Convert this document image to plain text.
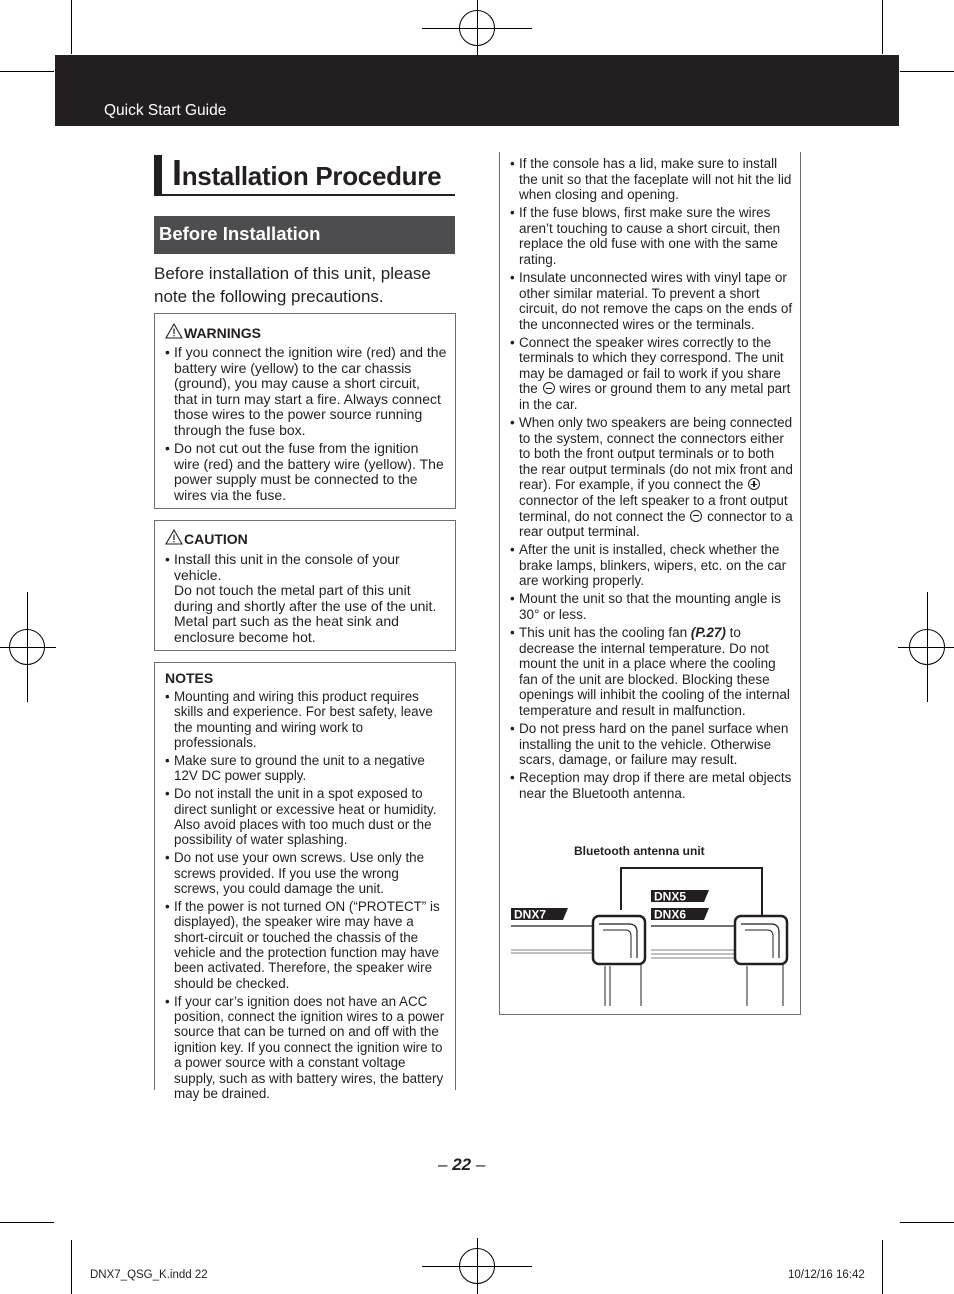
Quick Start Guide
Installation Procedure
Before Installation
Before installation of this unit, please note the following precautions.
WARNINGS
• If you connect the ignition wire (red) and the battery wire (yellow) to the car chassis (ground), you may cause a short circuit, that in turn may start a fire. Always connect those wires to the power source running through the fuse box.
• Do not cut out the fuse from the ignition wire (red) and the battery wire (yellow). The power supply must be connected to the wires via the fuse.
CAUTION
• Install this unit in the console of your vehicle.
Do not touch the metal part of this unit during and shortly after the use of the unit. Metal part such as the heat sink and enclosure become hot.
NOTES
• Mounting and wiring this product requires skills and experience. For best safety, leave the mounting and wiring work to professionals.
• Make sure to ground the unit to a negative 12V DC power supply.
• Do not install the unit in a spot exposed to direct sunlight or excessive heat or humidity. Also avoid places with too much dust or the possibility of water splashing.
• Do not use your own screws. Use only the screws provided. If you use the wrong screws, you could damage the unit.
• If the power is not turned ON (“PROTECT” is displayed), the speaker wire may have a short-circuit or touched the chassis of the vehicle and the protection function may have been activated. Therefore, the speaker wire should be checked.
• If your car’s ignition does not have an ACC position, connect the ignition wires to a power source that can be turned on and off with the ignition key. If you connect the ignition wire to a power source with a constant voltage supply, such as with battery wires, the battery may be drained.
• If the console has a lid, make sure to install the unit so that the faceplate will not hit the lid when closing and opening.
• If the fuse blows, first make sure the wires aren’t touching to cause a short circuit, then replace the old fuse with one with the same rating.
• Insulate unconnected wires with vinyl tape or other similar material. To prevent a short circuit, do not remove the caps on the ends of the unconnected wires or the terminals.
• Connect the speaker wires correctly to the terminals to which they correspond. The unit may be damaged or fail to work if you share the wires or ground them to any metal part in the car.
• When only two speakers are being connected to the system, connect the connectors either to both the front output terminals or to both the rear output terminals (do not mix front and rear). For example, if you connect the  connector of the left speaker to a front output terminal, do not connect the connector to a rear output terminal.
• After the unit is installed, check whether the brake lamps, blinkers, wipers, etc. on the car are working properly.
• Mount the unit so that the mounting angle is 30° or less.
• This unit has the cooling fan (P.27) to decrease the internal temperature. Do not mount the unit in a place where the cooling fan of the unit are blocked. Blocking these openings will inhibit the cooling of the internal temperature and result in malfunction.
• Do not press hard on the panel surface when installing the unit to the vehicle. Otherwise scars, damage, or failure may result.
• Reception may drop if there are metal objects near the Bluetooth antenna.
Bluetooth antenna unit
DNX7
DNX5
DNX6
– 22 –
DNX7_QSG_K.indd 22	10/12/16 16:42
